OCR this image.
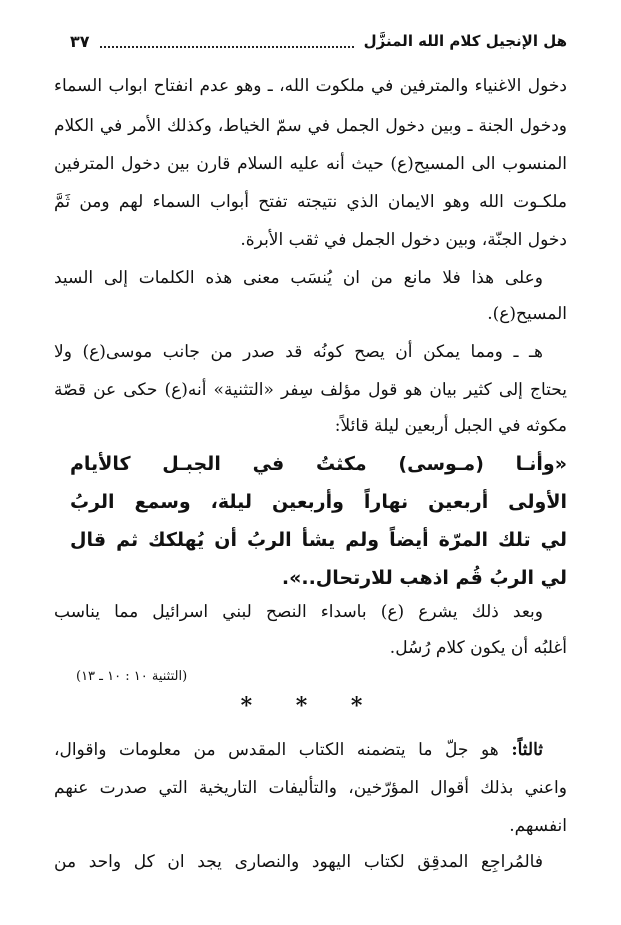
هل الإنجيل كلام الله المنزَّل
٣٧
دخول الاغنياء والمترفين في ملكوت الله، ـ وهو عدم انفتاح ابواب السماء
ودخول الجنة ـ وبين دخول الجمل في سمّ الخياط، وكذلك الأمر في الكلام
المنسوب الى المسيح(ع) حيث أنه عليه السلام قارن بين دخول المترفين
ملكـوت الله وهو الايمان الذي نتيجته تفتح أبواب السماء لهم ومن ثَمَّ
دخول الجنّة، وبين دخول الجمل في ثقب الأبرة.
وعلى هذا فلا مانع من ان يُنسَب معنى هذه الكلمات إلى السيد
المسيح(ع).
هـ ـ ومما يمكن أن يصح كونُه قد صدر من جانب موسى(ع) ولا
يحتاج إلى كثير بيان هو قول مؤلف سِفر «التثنية» أنه(ع) حكى عن قصّة
مكوثه في الجبل أربعين ليلة قائلاً:
«وأنـا (مـوسى) مكثتُ في الجبـل كالأيام
الأولى أربعين نهاراً وأربعين ليلة، وسمع الربُ
لي تلك المرّة أيضاً ولم يشأ الربُ أن يُهلكك ثم قال
لي الربُ قُم اذهب للارتحال..».
وبعد ذلك يشرع (ع) باسداء النصح لبني اسرائيل مما يناسب
أغلبُه أن يكون كلام رُسُل.
(التثنية ١٠ : ١٠ ـ ١٣)
* * *
ثالثاً: هو جلّ ما يتضمنه الكتاب المقدس من معلومات واقوال،
واعني بذلك أقوال المؤرّخين، والتأليفات التاريخية التي صدرت عنهم
انفسهم.
فالمُراجِع المدقِق لكتاب اليهود والنصارى يجد ان كل واحد من
